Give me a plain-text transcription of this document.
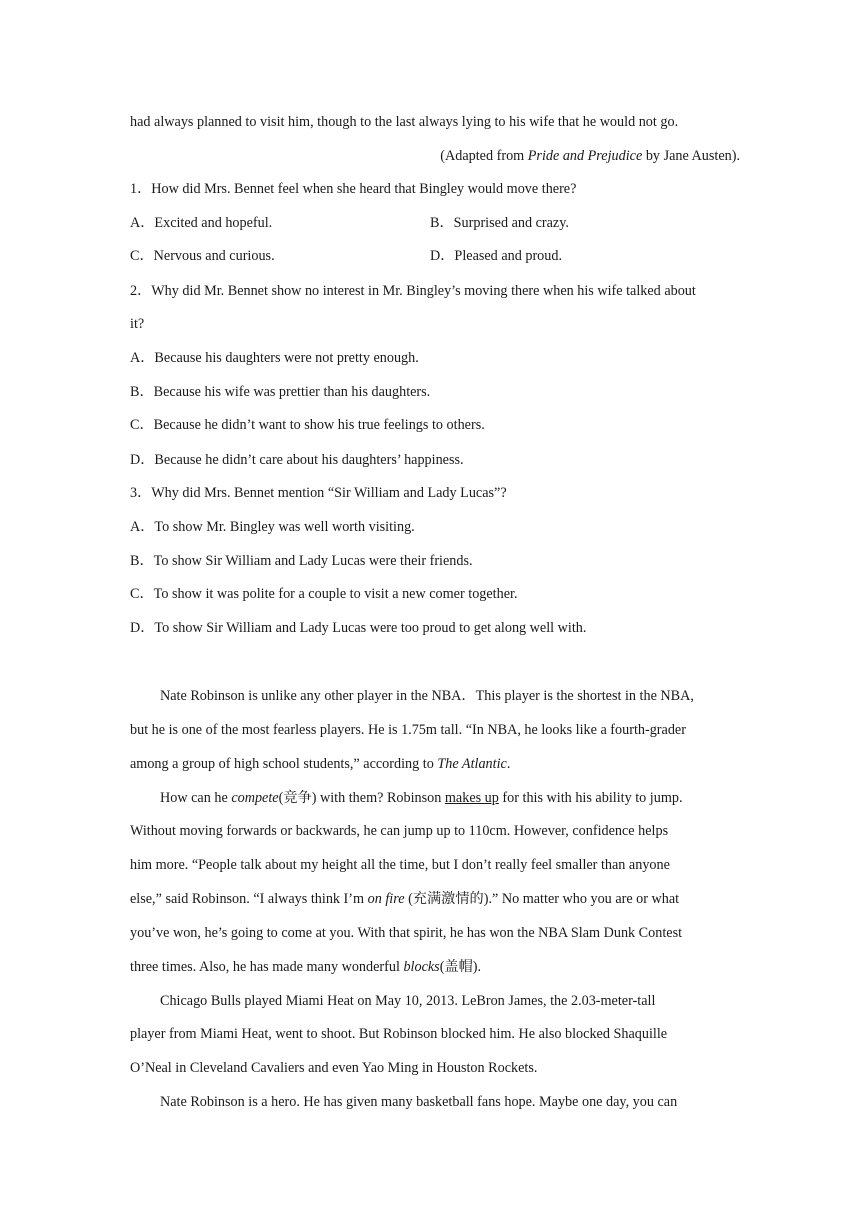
had always planned to visit him, though to the last always lying to his wife that he would not go.
(Adapted from Pride and Prejudice by Jane Austen).
1．How did Mrs. Bennet feel when she heard that Bingley would move there?
A．Excited and hopeful.	B．Surprised and crazy.
C．Nervous and curious.	D．Pleased and proud.
2．Why did Mr. Bennet show no interest in Mr. Bingley’s moving there when his wife talked about
it?
A．Because his daughters were not pretty enough.
B．Because his wife was prettier than his daughters.
C．Because he didn’t want to show his true feelings to others.
D．Because he didn’t care about his daughters’ happiness.
3．Why did Mrs. Bennet mention “Sir William and Lady Lucas”?
A．To show Mr. Bingley was well worth visiting.
B．To show Sir William and Lady Lucas were their friends.
C．To show it was polite for a couple to visit a new comer together.
D．To show Sir William and Lady Lucas were too proud to get along well with.
Nate Robinson is unlike any other player in the NBA．This player is the shortest in the NBA,
but he is one of the most fearless players. He is 1.75m tall. “In NBA, he looks like a fourth-grader
among a group of high school students,” according to The Atlantic.
How can he compete(竞争) with them? Robinson makes up for this with his ability to jump.
Without moving forwards or backwards, he can jump up to 110cm. However, confidence helps
him more. “People talk about my height all the time, but I don’t really feel smaller than anyone
else,” said Robinson. “I always think I’m on fire (充满激情的).” No matter who you are or what
you’ve won, he’s going to come at you. With that spirit, he has won the NBA Slam Dunk Contest
three times. Also, he has made many wonderful blocks(盖帽).
Chicago Bulls played Miami Heat on May 10, 2013. LeBron James, the 2.03-meter-tall
player from Miami Heat, went to shoot. But Robinson blocked him. He also blocked Shaquille
O’Neal in Cleveland Cavaliers and even Yao Ming in Houston Rockets.
Nate Robinson is a hero. He has given many basketball fans hope. Maybe one day, you can
